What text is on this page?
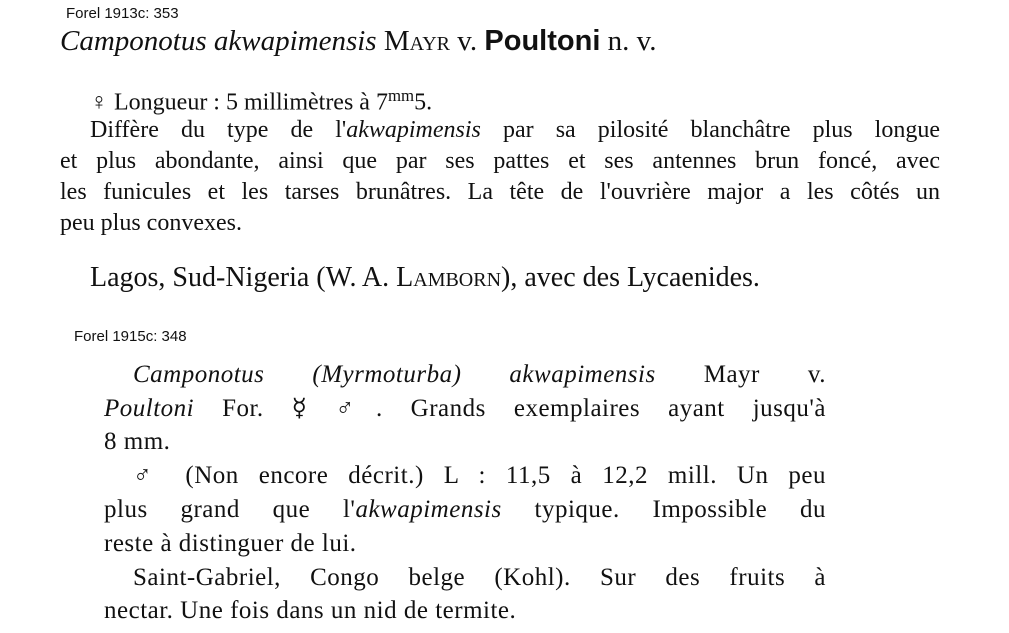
Forel 1913c: 353
Camponotus akwapimensis Mayr v. Poultoni n. v.
♀ Longueur : 5 millimètres à $7^{mm}5$.
Diffère du type de l'akwapimensis par sa pilosité blanchâtre plus longue
et plus abondante, ainsi que par ses pattes et ses antennes brun foncé, avec
les funicules et les tarses brunâtres. La tête de l'ouvrière major a les côtés un
peu plus convexes.
Lagos, Sud-Nigeria (W. A. Lamborn), avec des Lycaenides.
Forel 1915c: 348
Camponotus (Myrmoturba) akwapimensis Mayr v.
Poultoni For. ☿ ♂. Grands exemplaires ayant jusqu'à
8 mm.
♂ (Non encore décrit.) L : 11,5 à 12,2 mill. Un peu
plus grand que l'akwapimensis typique. Impossible du
reste à distinguer de lui.
Saint-Gabriel, Congo belge (Kohl). Sur des fruits à
nectar. Une fois dans un nid de termite.
